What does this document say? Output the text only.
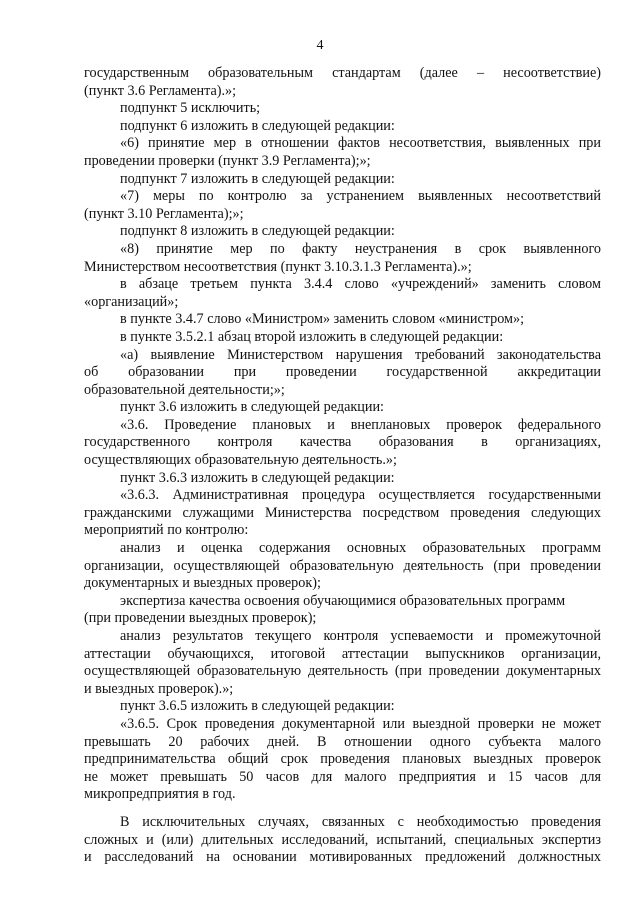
4
государственным образовательным стандартам (далее – несоответствие)
(пункт 3.6 Регламента).»;
подпункт 5 исключить;
подпункт 6 изложить в следующей редакции:
«6) принятие мер в отношении фактов несоответствия, выявленных при
проведении проверки (пункт 3.9 Регламента);»;
подпункт 7 изложить в следующей редакции:
«7) меры по контролю за устранением выявленных несоответствий
(пункт 3.10 Регламента);»;
подпункт 8 изложить в следующей редакции:
«8) принятие мер по факту неустранения в срок выявленного
Министерством несоответствия (пункт 3.10.3.1.3 Регламента).»;
в абзаце третьем пункта 3.4.4 слово «учреждений» заменить словом
«организаций»;
в пункте 3.4.7 слово «Министром» заменить словом «министром»;
в пункте 3.5.2.1 абзац второй изложить в следующей редакции:
«а) выявление Министерством нарушения требований законодательства
об образовании при проведении государственной аккредитации
образовательной деятельности;»;
пункт 3.6 изложить в следующей редакции:
«3.6. Проведение плановых и внеплановых проверок федерального
государственного контроля качества образования в организациях,
осуществляющих образовательную деятельность.»;
пункт 3.6.3 изложить в следующей редакции:
«3.6.3. Административная процедура осуществляется государственными
гражданскими служащими Министерства посредством проведения следующих
мероприятий по контролю:
анализ и оценка содержания основных образовательных программ
организации, осуществляющей образовательную деятельность (при проведении
документарных и выездных проверок);
экспертиза качества освоения обучающимися образовательных программ
(при проведении выездных проверок);
анализ результатов текущего контроля успеваемости и промежуточной
аттестации обучающихся, итоговой аттестации выпускников организации,
осуществляющей образовательную деятельность (при проведении документарных
и выездных проверок).»;
пункт 3.6.5 изложить в следующей редакции:
«3.6.5. Срок проведения документарной или выездной проверки не может
превышать 20 рабочих дней. В отношении одного субъекта малого
предпринимательства общий срок проведения плановых выездных проверок
не может превышать 50 часов для малого предприятия и 15 часов для
микропредприятия в год.
В исключительных случаях, связанных с необходимостью проведения
сложных и (или) длительных исследований, испытаний, специальных экспертиз
и расследований на основании мотивированных предложений должностных
